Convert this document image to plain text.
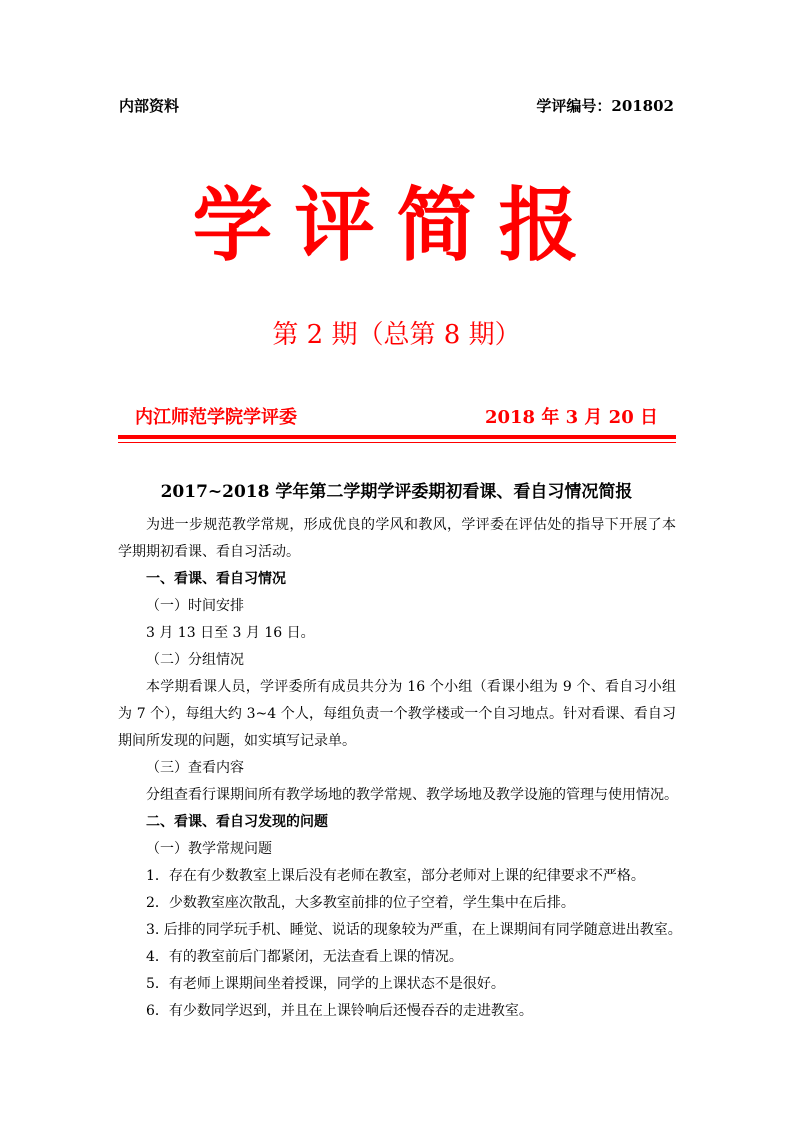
内部资料	学评编号：201802
学评简报
第 2 期（总第 8 期）
内江师范学院学评委	2018 年 3 月 20 日
2017~2018 学年第二学期学评委期初看课、看自习情况简报

为进一步规范教学常规，形成优良的学风和教风，学评委在评估处的指导下开展了本学期期初看课、看自习活动。

一、看课、看自习情况

（一）时间安排

3 月 13 日至 3 月 16 日。

（二）分组情况

本学期看课人员，学评委所有成员共分为 16 个小组（看课小组为 9 个、看自习小组为 7 个），每组大约 3~4 个人，每组负责一个教学楼或一个自习地点。针对看课、看自习期间所发现的问题，如实填写记录单。

（三）查看内容

分组查看行课期间所有教学场地的教学常规、教学场地及教学设施的管理与使用情况。

二、看课、看自习发现的问题

（一）教学常规问题

1．存在有少数教室上课后没有老师在教室，部分老师对上课的纪律要求不严格。

2．少数教室座次散乱，大多教室前排的位子空着，学生集中在后排。

3. 后排的同学玩手机、睡觉、说话的现象较为严重，在上课期间有同学随意进出教室。

4．有的教室前后门都紧闭，无法查看上课的情况。

5．有老师上课期间坐着授课，同学的上课状态不是很好。

6．有少数同学迟到，并且在上课铃响后还慢吞吞的走进教室。
